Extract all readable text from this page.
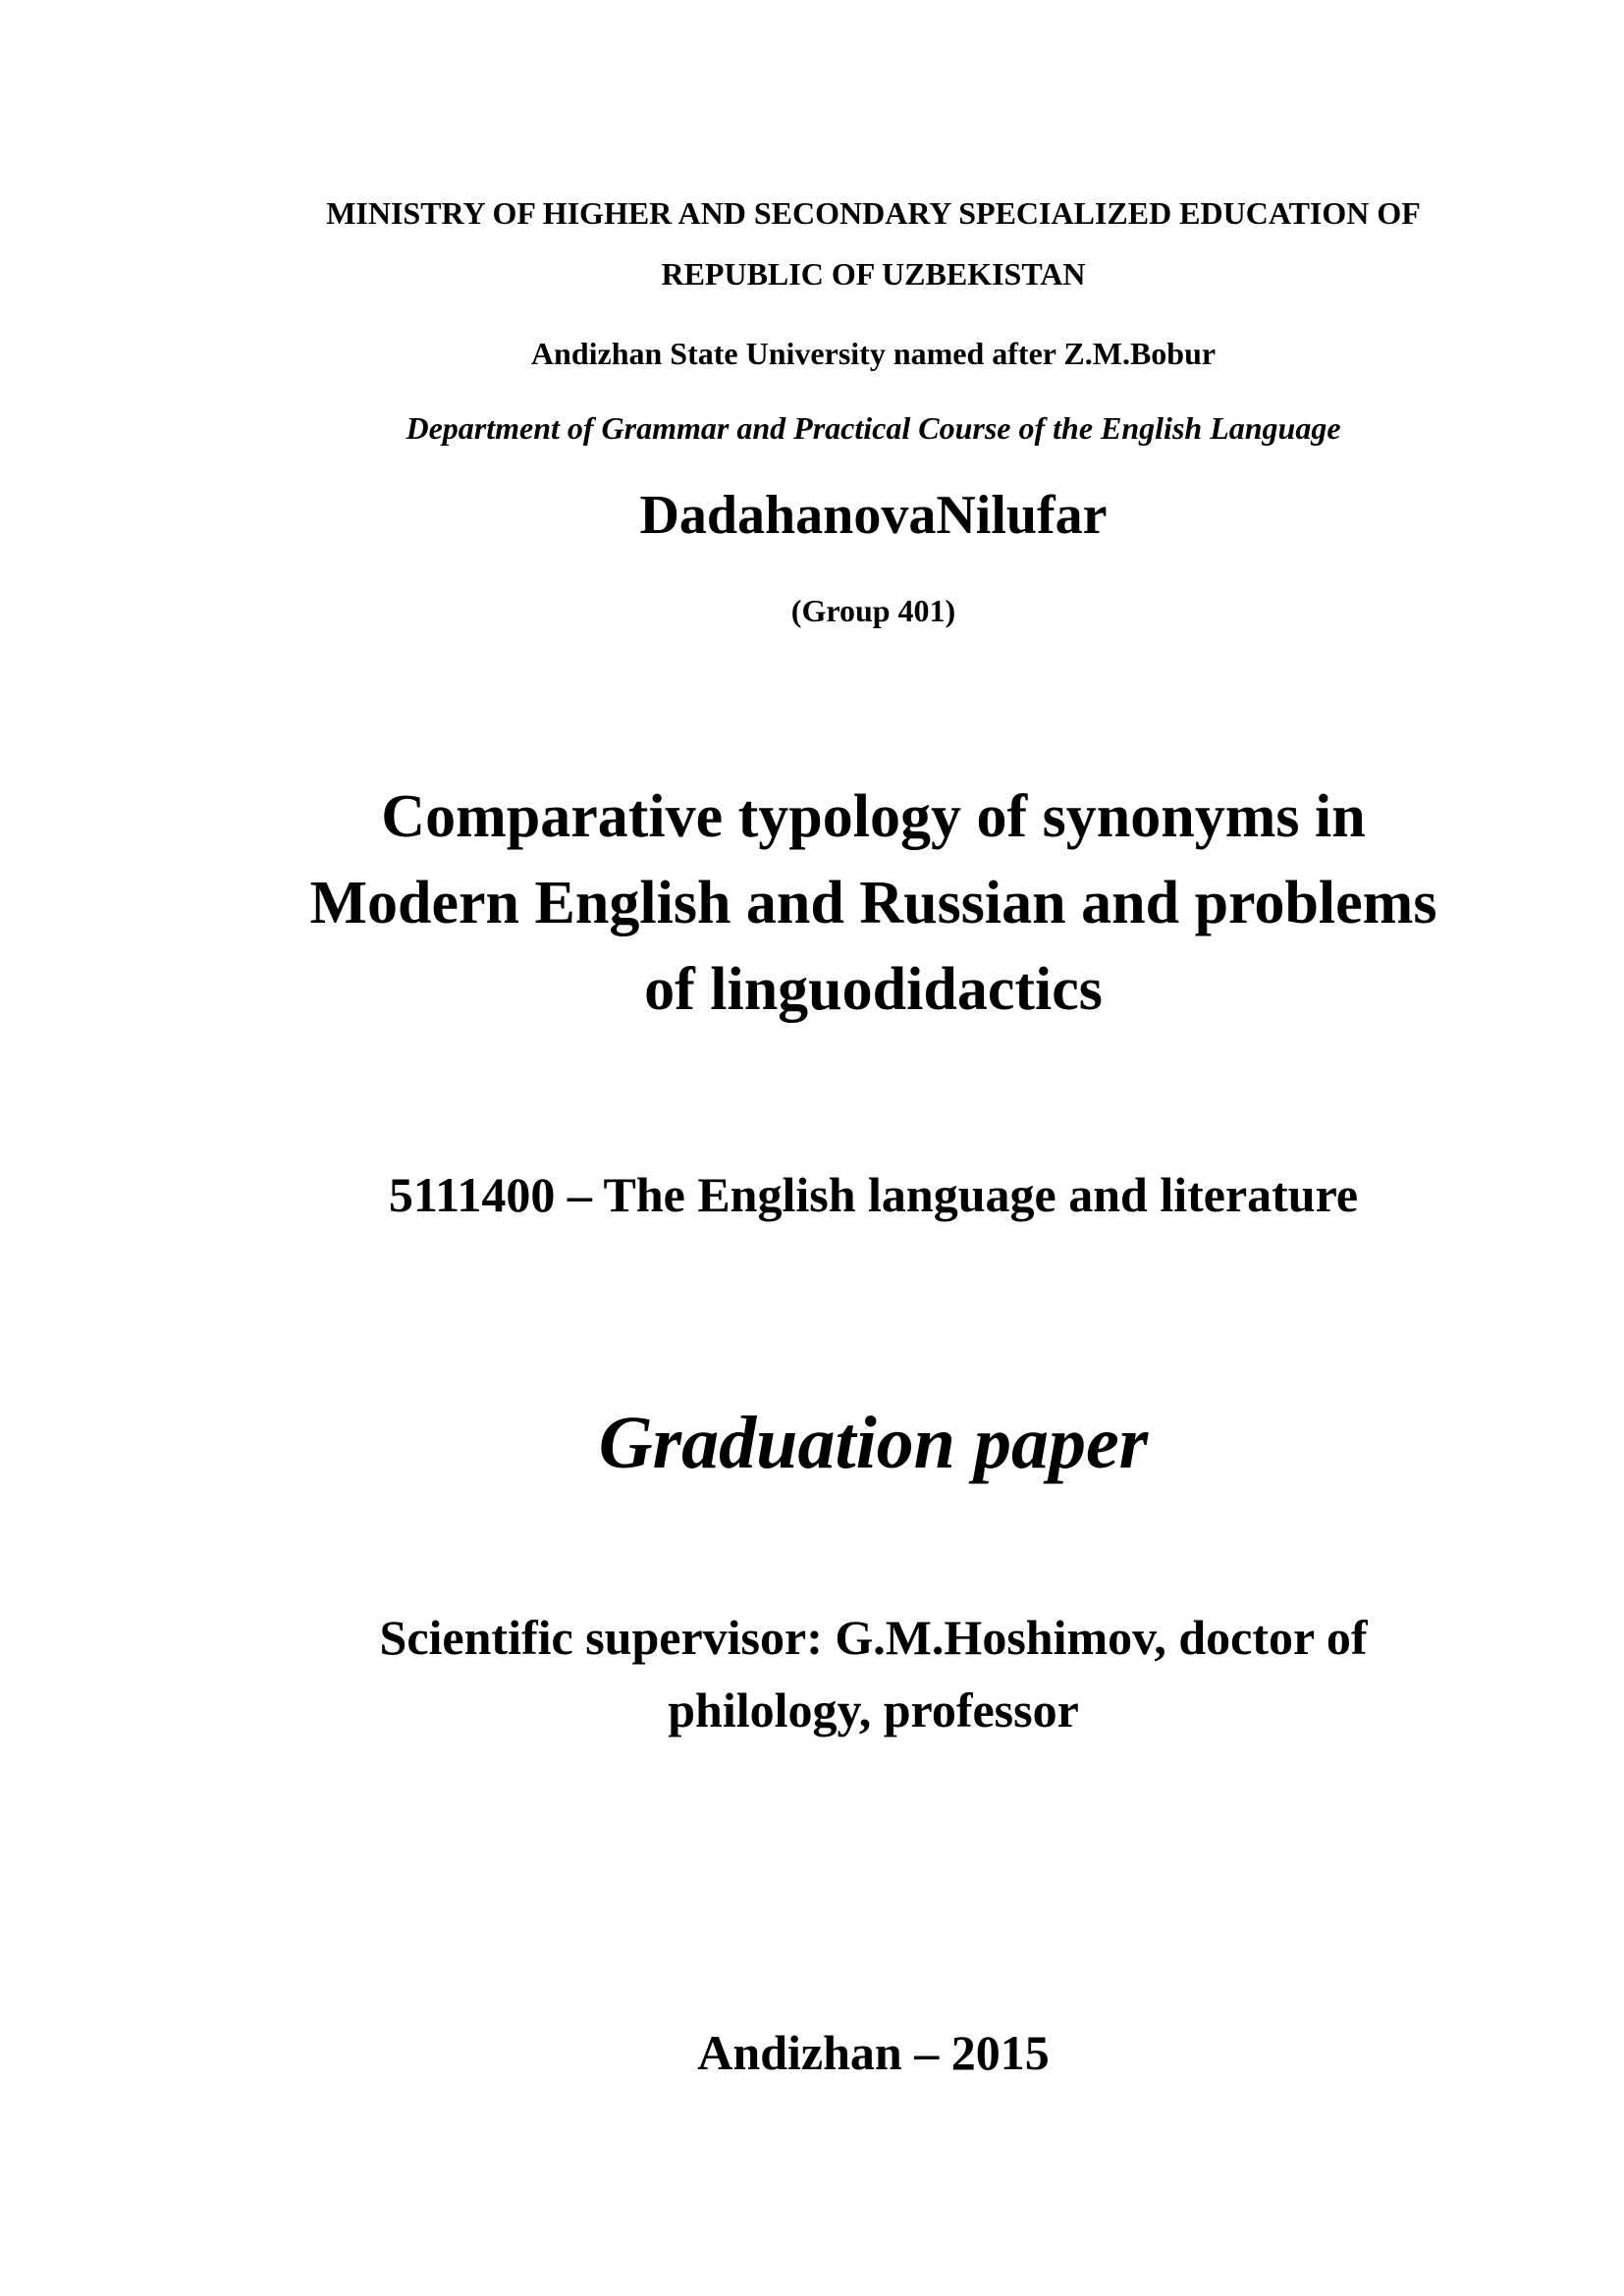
MINISTRY OF HIGHER AND SECONDARY SPECIALIZED EDUCATION OF
REPUBLIC OF UZBEKISTAN
Andizhan State University named after Z.M.Bobur
Department of Grammar and Practical Course of the English Language
DadahanovaNilufar
(Group 401)
Comparative typology of synonyms in
Modern English and Russian and problems
of linguodidactics
5111400 – The English language and literature
Graduation paper
Scientific supervisor: G.M.Hoshimov, doctor of
philology, professor
Andizhan – 2015
